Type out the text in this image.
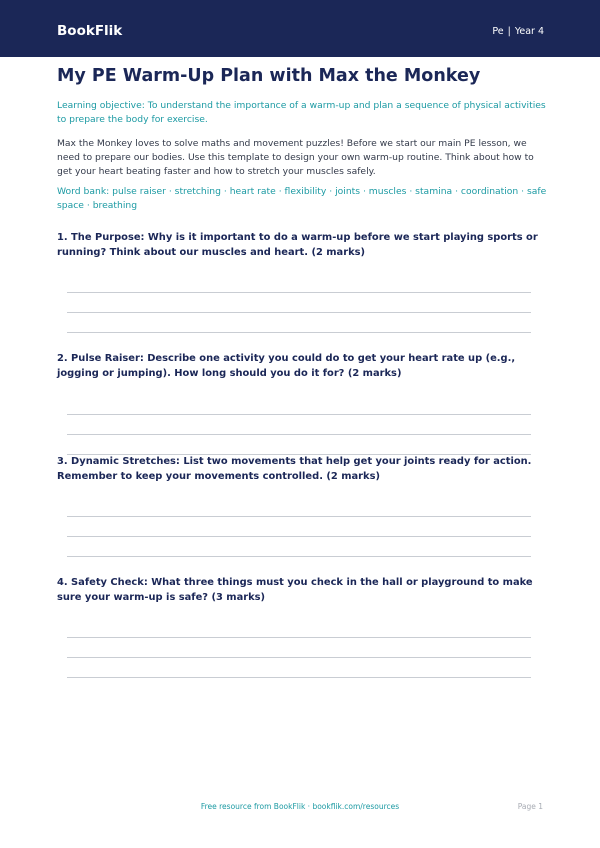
BookFlik	Pe | Year 4
My PE Warm-Up Plan with Max the Monkey

Learning objective: To understand the importance of a warm-up and plan a sequence of physical activities to prepare the body for exercise.

Max the Monkey loves to solve maths and movement puzzles! Before we start our main PE lesson, we need to prepare our bodies. Use this template to design your own warm-up routine. Think about how to get your heart beating faster and how to stretch your muscles safely.

Word bank: pulse raiser · stretching · heart rate · flexibility · joints · muscles · stamina · coordination · safe space · breathing

1. The Purpose: Why is it important to do a warm-up before we start playing sports or running? Think about our muscles and heart. (2 marks)

2. Pulse Raiser: Describe one activity you could do to get your heart rate up (e.g., jogging or jumping). How long should you do it for? (2 marks)

3. Dynamic Stretches: List two movements that help get your joints ready for action. Remember to keep your movements controlled. (2 marks)

4. Safety Check: What three things must you check in the hall or playground to make sure your warm-up is safe? (3 marks)

Free resource from BookFlik · bookflik.com/resources	Page 1
